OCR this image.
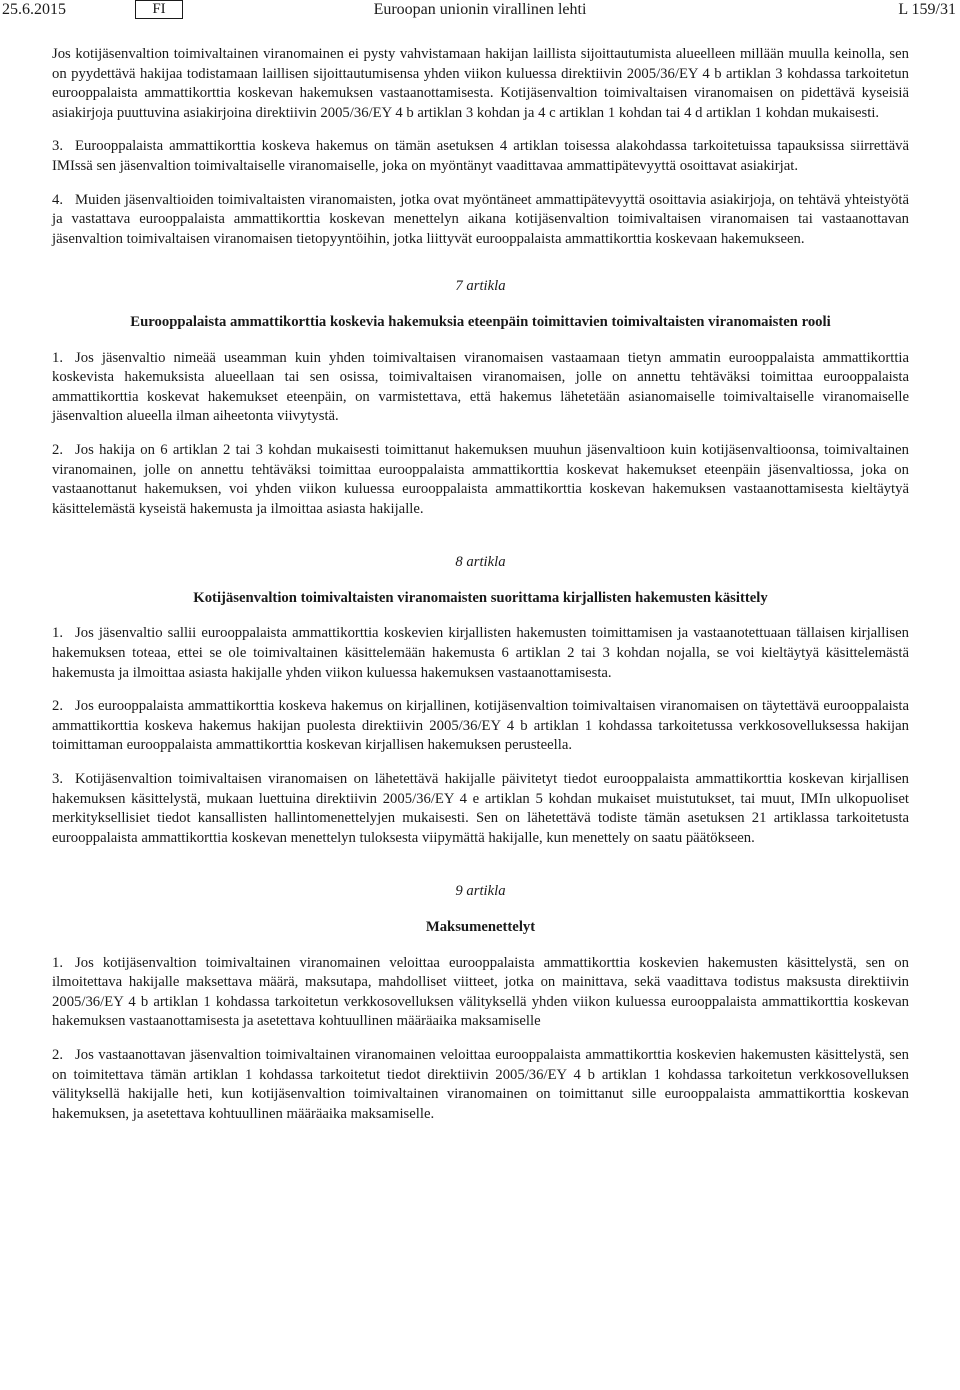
25.6.2015	FI	Euroopan unionin virallinen lehti	L 159/31

Jos kotijäsenvaltion toimivaltainen viranomainen ei pysty vahvistamaan hakijan laillista sijoittautumista alueelleen millään muulla keinolla, sen on pyydettävä hakijaa todistamaan laillisen sijoittautumisensa yhden viikon kuluessa direktiivin 2005/36/EY 4 b artiklan 3 kohdassa tarkoitetun eurooppalaista ammattikorttia koskevan hakemuksen vastaanottamisesta. Kotijäsenvaltion toimivaltaisen viranomaisen on pidettävä kyseisiä asiakirjoja puuttuvina asiakirjoina direktiivin 2005/36/EY 4 b artiklan 3 kohdan ja 4 c artiklan 1 kohdan tai 4 d artiklan 1 kohdan mukaisesti.

3. Eurooppalaista ammattikorttia koskeva hakemus on tämän asetuksen 4 artiklan toisessa alakohdassa tarkoitetuissa tapauksissa siirrettävä IMIssä sen jäsenvaltion toimivaltaiselle viranomaiselle, joka on myöntänyt vaadittavaa ammattipätevyyttä osoittavat asiakirjat.

4. Muiden jäsenvaltioiden toimivaltaisten viranomaisten, jotka ovat myöntäneet ammattipätevyyttä osoittavia asiakirjoja, on tehtävä yhteistyötä ja vastattava eurooppalaista ammattikorttia koskevan menettelyn aikana kotijäsenvaltion toimivaltaisen viranomaisen tai vastaanottavan jäsenvaltion toimivaltaisen viranomaisen tietopyyntöihin, jotka liittyvät eurooppalaista ammattikorttia koskevaan hakemukseen.

7 artikla
Eurooppalaista ammattikorttia koskevia hakemuksia eteenpäin toimittavien toimivaltaisten viranomaisten rooli

1. Jos jäsenvaltio nimeää useamman kuin yhden toimivaltaisen viranomaisen vastaamaan tietyn ammatin eurooppalaista ammattikorttia koskevista hakemuksista alueellaan tai sen osissa, toimivaltaisen viranomaisen, jolle on annettu tehtäväksi toimittaa eurooppalaista ammattikorttia koskevat hakemukset eteenpäin, on varmistettava, että hakemus lähetetään asianomaiselle toimivaltaiselle viranomaiselle jäsenvaltion alueella ilman aiheetonta viivytystä.

2. Jos hakija on 6 artiklan 2 tai 3 kohdan mukaisesti toimittanut hakemuksen muuhun jäsenvaltioon kuin kotijäsenvaltioonsa, toimivaltainen viranomainen, jolle on annettu tehtäväksi toimittaa eurooppalaista ammattikorttia koskevat hakemukset eteenpäin jäsenvaltiossa, joka on vastaanottanut hakemuksen, voi yhden viikon kuluessa eurooppalaista ammattikorttia koskevan hakemuksen vastaanottamisesta kieltäytyä käsittelemästä kyseistä hakemusta ja ilmoittaa asiasta hakijalle.

8 artikla
Kotijäsenvaltion toimivaltaisten viranomaisten suorittama kirjallisten hakemusten käsittely

1. Jos jäsenvaltio sallii eurooppalaista ammattikorttia koskevien kirjallisten hakemusten toimittamisen ja vastaanotettuaan tällaisen kirjallisen hakemuksen toteaa, ettei se ole toimivaltainen käsittelemään hakemusta 6 artiklan 2 tai 3 kohdan nojalla, se voi kieltäytyä käsittelemästä hakemusta ja ilmoittaa asiasta hakijalle yhden viikon kuluessa hakemuksen vastaanottamisesta.

2. Jos eurooppalaista ammattikorttia koskeva hakemus on kirjallinen, kotijäsenvaltion toimivaltaisen viranomaisen on täytettävä eurooppalaista ammattikorttia koskeva hakemus hakijan puolesta direktiivin 2005/36/EY 4 b artiklan 1 kohdassa tarkoitetussa verkkosovelluksessa hakijan toimittaman eurooppalaista ammattikorttia koskevan kirjallisen hakemuksen perusteella.

3. Kotijäsenvaltion toimivaltaisen viranomaisen on lähetettävä hakijalle päivitetyt tiedot eurooppalaista ammattikorttia koskevan kirjallisen hakemuksen käsittelystä, mukaan luettuina direktiivin 2005/36/EY 4 e artiklan 5 kohdan mukaiset muistutukset, tai muut, IMIn ulkopuoliset merkityksellisiet tiedot kansallisten hallintomenettelyjen mukaisesti. Sen on lähetettävä todiste tämän asetuksen 21 artiklassa tarkoitetusta eurooppalaista ammattikorttia koskevan menettelyn tuloksesta viipymättä hakijalle, kun menettely on saatu päätökseen.

9 artikla
Maksumenettelyt

1. Jos kotijäsenvaltion toimivaltainen viranomainen veloittaa eurooppalaista ammattikorttia koskevien hakemusten käsittelystä, sen on ilmoitettava hakijalle maksettava määrä, maksutapa, mahdolliset viitteet, jotka on mainittava, sekä vaadittava todistus maksusta direktiivin 2005/36/EY 4 b artiklan 1 kohdassa tarkoitetun verkkosovelluksen välityksellä yhden viikon kuluessa eurooppalaista ammattikorttia koskevan hakemuksen vastaanottamisesta ja asetettava kohtuullinen määräaika maksamiselle

2. Jos vastaanottavan jäsenvaltion toimivaltainen viranomainen veloittaa eurooppalaista ammattikorttia koskevien hakemusten käsittelystä, sen on toimitettava tämän artiklan 1 kohdassa tarkoitetut tiedot direktiivin 2005/36/EY 4 b artiklan 1 kohdassa tarkoitetun verkkosovelluksen välityksellä hakijalle heti, kun kotijäsenvaltion toimivaltainen viranomainen on toimittanut sille eurooppalaista ammattikorttia koskevan hakemuksen, ja asetettava kohtuullinen määräaika maksamiselle.
